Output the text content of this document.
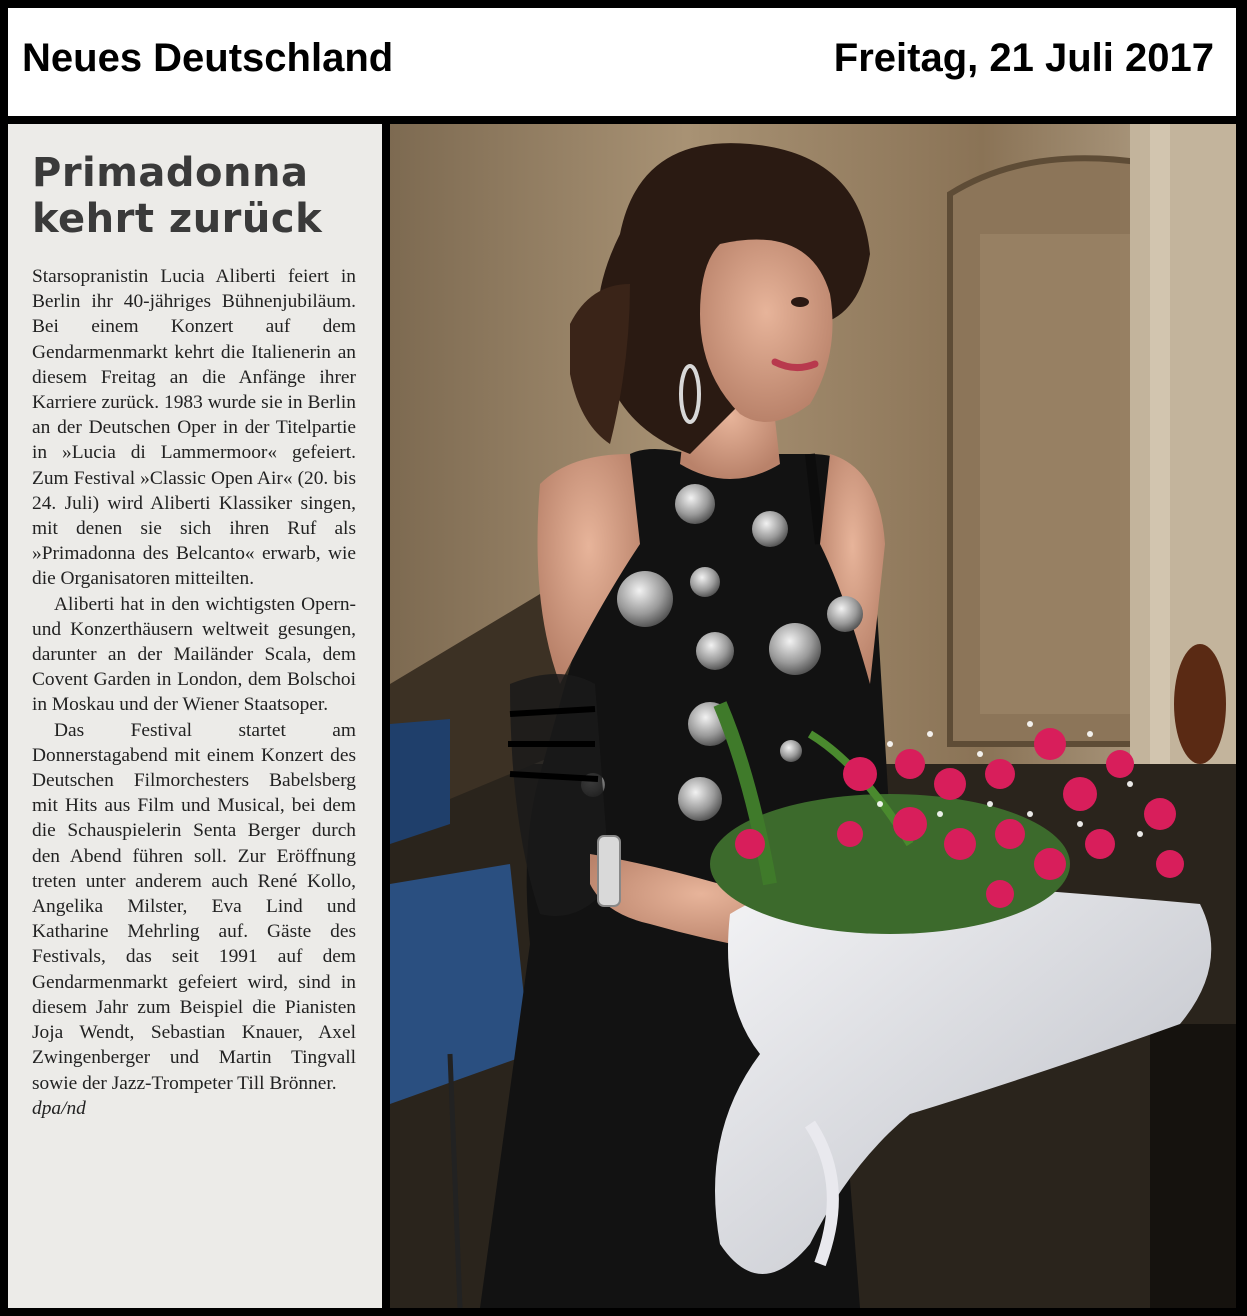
Neues Deutschland	Freitag, 21 Juli 2017
Primadonna
kehrt zurück

Starsopranistin Lucia Aliberti feiert in Berlin ihr 40-jähriges Bühnenjubiläum. Bei einem Konzert auf dem Gendarmenmarkt kehrt die Italienerin an diesem Freitag an die Anfänge ihrer Karriere zurück. 1983 wurde sie in Berlin an der Deutschen Oper in der Titelpartie in »Lucia di Lammermoor« gefeiert. Zum Festival »Classic Open Air« (20. bis 24. Juli) wird Aliberti Klassiker singen, mit denen sie sich ihren Ruf als »Primadonna des Belcanto« erwarb, wie die Organisatoren mitteilten.

Aliberti hat in den wichtigsten Opern- und Konzerthäusern weltweit gesungen, darunter an der Mailänder Scala, dem Covent Garden in London, dem Bolschoi in Moskau und der Wiener Staatsoper.

Das Festival startet am Donnerstagabend mit einem Konzert des Deutschen Filmorchesters Babelsberg mit Hits aus Film und Musical, bei dem die Schauspielerin Senta Berger durch den Abend führen soll. Zur Eröffnung treten unter anderem auch René Kollo, Angelika Milster, Eva Lind und Katharine Mehrling auf. Gäste des Festivals, das seit 1991 auf dem Gendarmenmarkt gefeiert wird, sind in diesem Jahr zum Beispiel die Pianisten Joja Wendt, Sebastian Knauer, Axel Zwingenberger und Martin Tingvall sowie der Jazz-Trompeter Till Brönner.

dpa/nd
